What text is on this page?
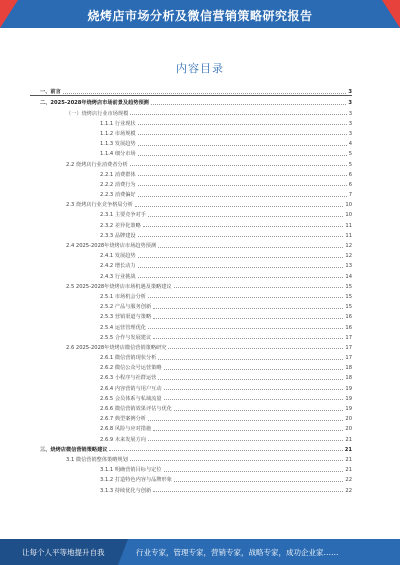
烧烤店市场分析及微信营销策略研究报告
内容目录
一、前言	3
二、2025-2028年烧烤店市场前景及趋势预测	3
（一）烧烤店行业市场规模	3
1.1.1 行业现状	3
1.1.2 市场规模	3
1.1.3 发展趋势	4
1.1.4 细分市场	5
2.2 烧烤店行业消费者分析	5
2.2.1 消费群体	6
2.2.2 消费行为	6
2.2.3 消费偏好	7
2.3 烧烤店行业竞争格局分析	10
2.3.1 主要竞争对手	10
2.3.2 差异化策略	11
2.3.3 品牌建设	11
2.4 2025-2028年烧烤店市场趋势预测	12
2.4.1 发展趋势	12
2.4.2 增长动力	13
2.4.3 行业挑战	14
2.5 2025-2028年烧烤店市场机遇及策略建议	15
2.5.1 市场机会分析	15
2.5.2 产品与服务创新	15
2.5.3 营销渠道与策略	16
2.5.4 运营管理优化	16
2.5.5 合作与发展建议	17
2.6 2025-2028年烧烤店微信营销策略研究	17
2.6.1 微信营销现状分析	17
2.6.2 微信公众号运营策略	18
2.6.3 小程序与社群运营	18
2.6.4 内容营销与用户互动	19
2.6.5 会员体系与私域流量	19
2.6.6 微信营销效果评估与优化	19
2.6.7 典型案例分析	20
2.6.8 风险与应对措施	20
2.6.9 未来发展方向	21
三、烧烤店微信营销策略建议	21
3.1 微信营销整体策略规划	21
3.1.1 明确营销目标与定位	21
3.1.2 打造特色内容与品牌形象	22
3.1.3 持续优化与创新	22
让每个人平等地提升自我	行业专家，管理专家，营销专家，战略专家，成功企业家……
